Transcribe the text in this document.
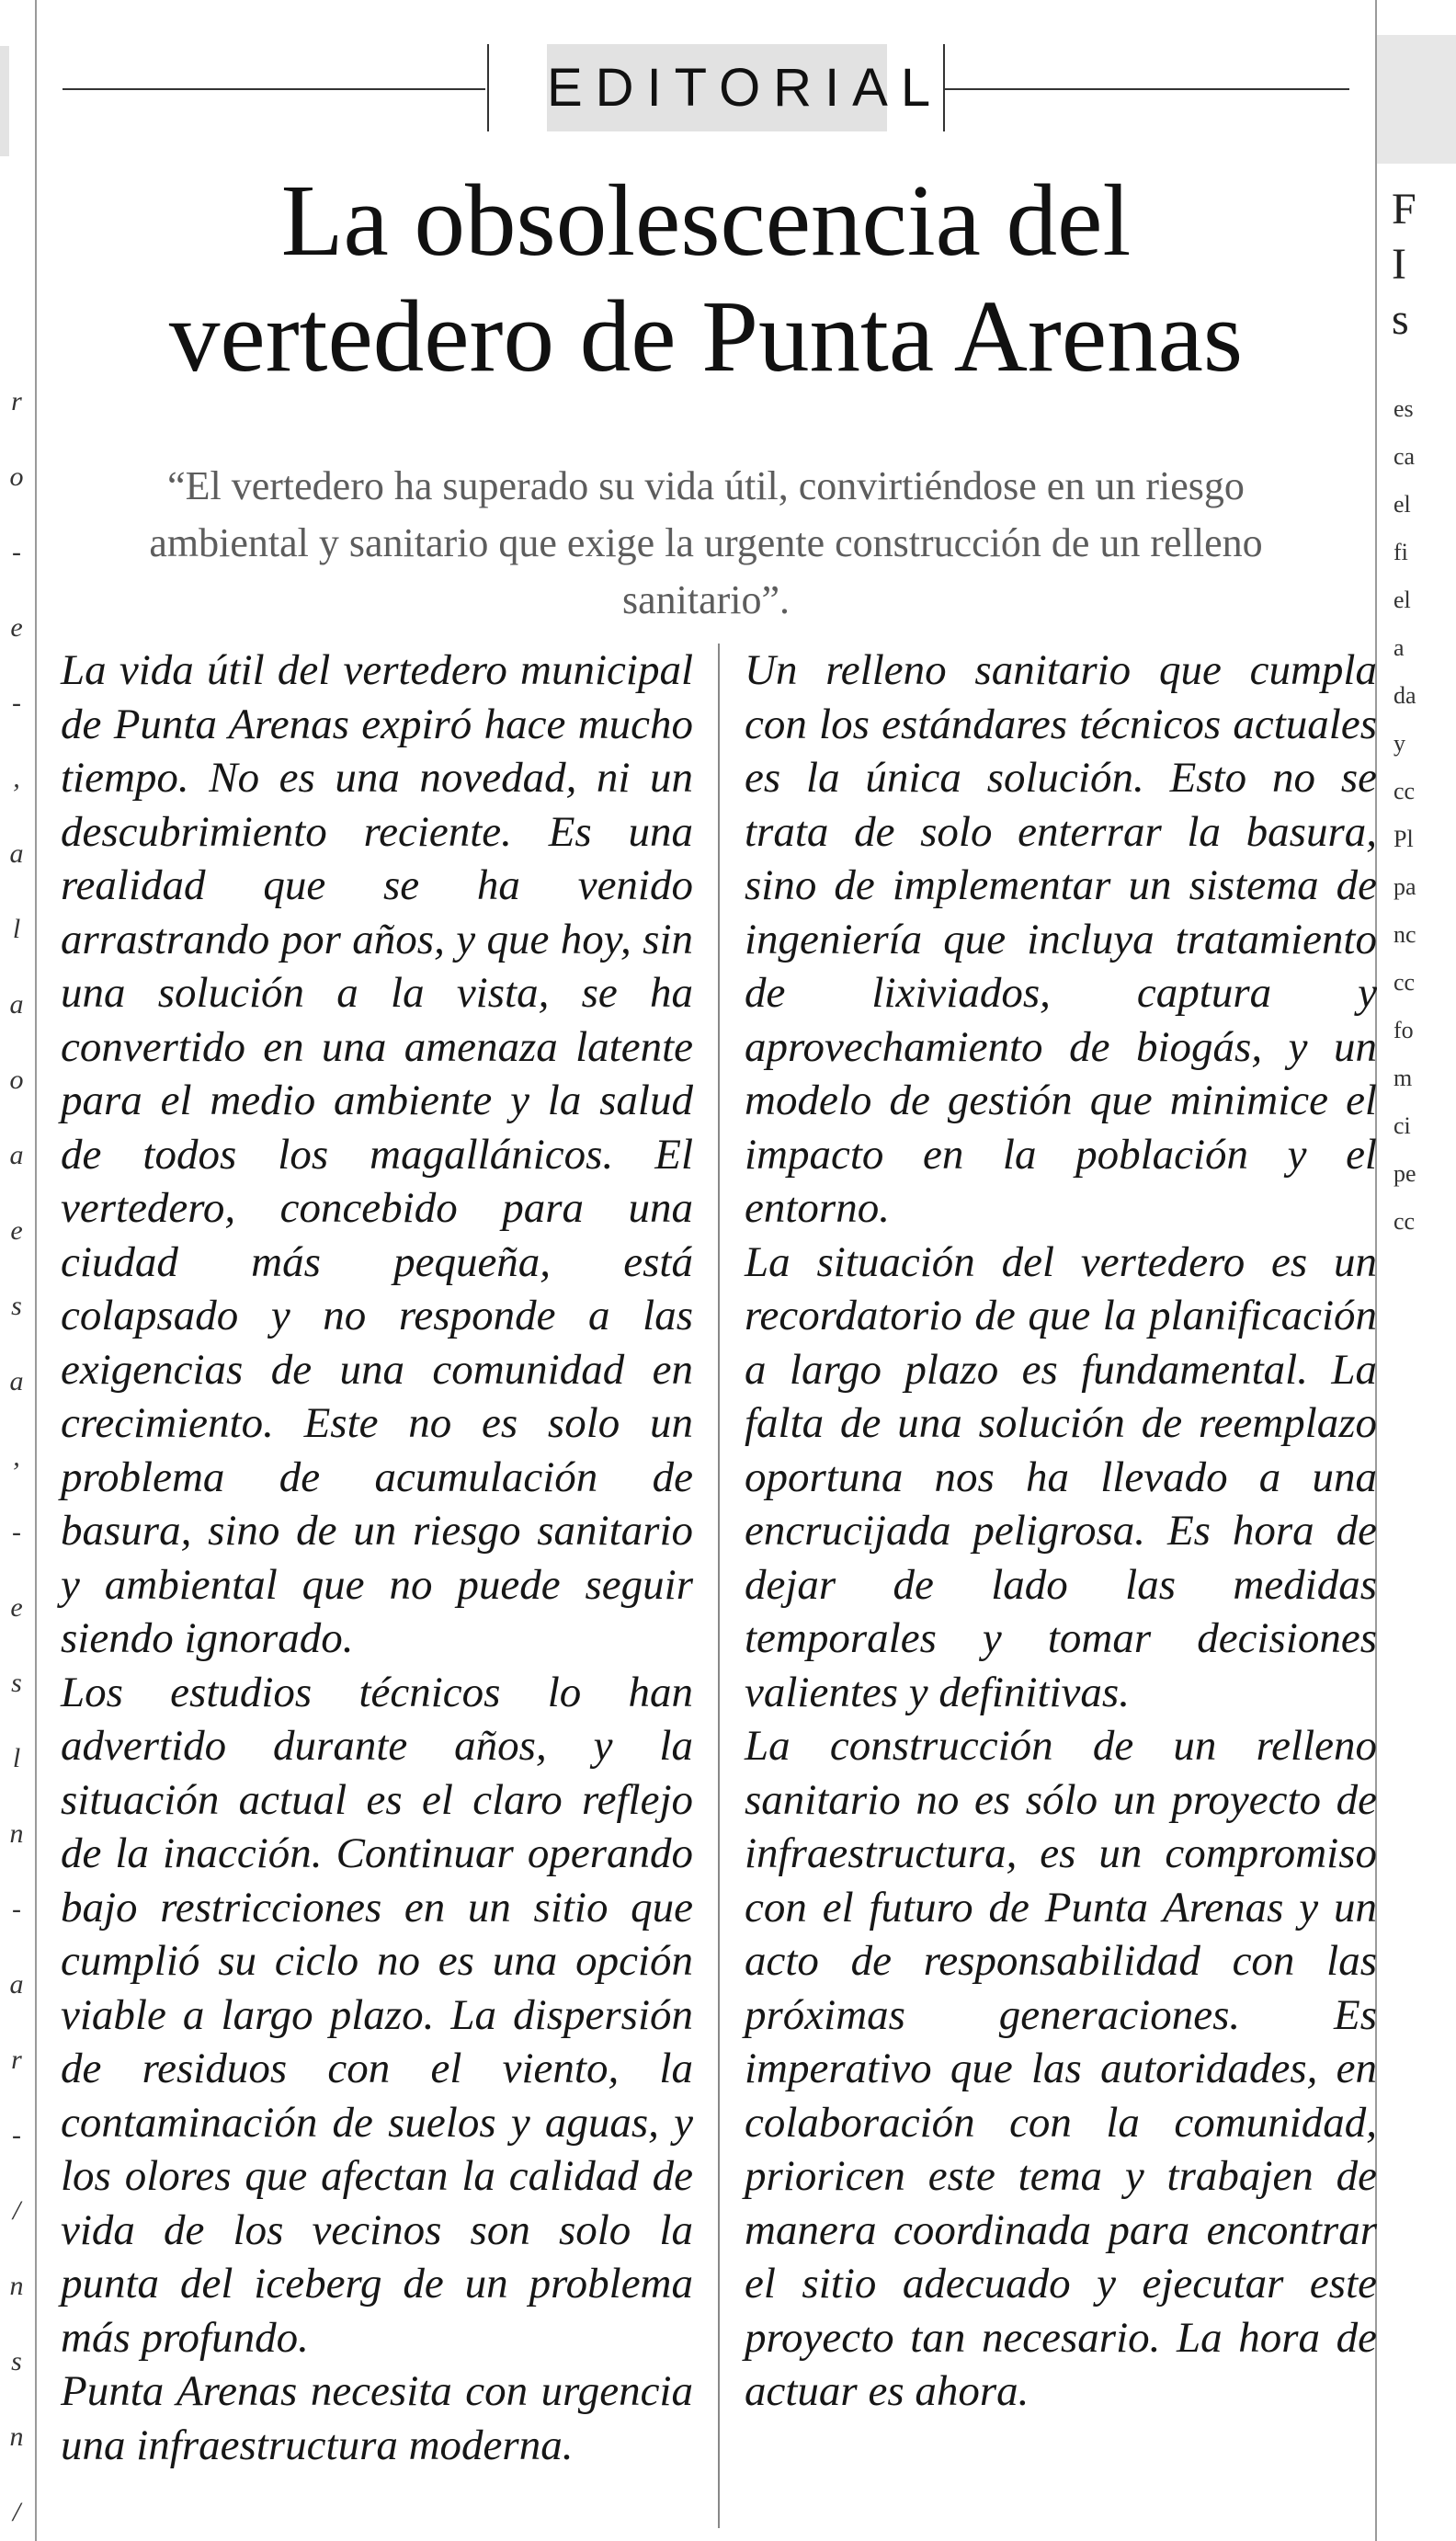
r
o
-
e
-
,
a
l
a
o
a
e
s
a
,
-
e
s
l
n
-
a
r
-
/
n
s
n
/
F
I
s
es
ca
el
fi
el
a
da
y
cc
Pl
pa
nc
cc
fo
m
ci
pe
cc
EDITORIAL
La obsolescencia del
vertedero de Punta Arenas

“El vertedero ha superado su vida útil, convirtiéndose en un riesgo ambiental y sanitario que exige la urgente construcción de un relleno sanitario”.

La vida útil del vertedero municipal de Punta Arenas expiró hace mucho tiempo. No es una novedad, ni un descubrimiento reciente. Es una realidad que se ha venido arrastrando por años, y que hoy, sin una solución a la vista, se ha convertido en una amenaza latente para el medio ambiente y la salud de todos los magallánicos. El vertedero, concebido para una ciudad más pequeña, está colapsado y no responde a las exigencias de una comunidad en crecimiento. Este no es solo un problema de acumulación de basura, sino de un riesgo sanitario y ambiental que no puede seguir siendo ignorado.

Los estudios técnicos lo han advertido durante años, y la situación actual es el claro reflejo de la inacción. Continuar operando bajo restricciones en un sitio que cumplió su ciclo no es una opción viable a largo plazo. La dispersión de residuos con el viento, la contaminación de suelos y aguas, y los olores que afectan la calidad de vida de los vecinos son solo la punta del iceberg de un problema más profundo.

Punta Arenas necesita con urgencia una infraestructura moderna.

Un relleno sanitario que cumpla con los estándares técnicos actuales es la única solución. Esto no se trata de solo enterrar la basura, sino de implementar un sistema de ingeniería que incluya tratamiento de lixiviados, captura y aprovechamiento de biogás, y un modelo de gestión que minimice el impacto en la población y el entorno.

La situación del vertedero es un recordatorio de que la planificación a largo plazo es fundamental. La falta de una solución de reemplazo oportuna nos ha llevado a una encrucijada peligrosa. Es hora de dejar de lado las medidas temporales y tomar decisiones valientes y definitivas.

La construcción de un relleno sanitario no es sólo un proyecto de infraestructura, es un compromiso con el futuro de Punta Arenas y un acto de responsabilidad con las próximas generaciones. Es imperativo que las autoridades, en colaboración con la comunidad, prioricen este tema y trabajen de manera coordinada para encontrar el sitio adecuado y ejecutar este proyecto tan necesario. La hora de actuar es ahora.
